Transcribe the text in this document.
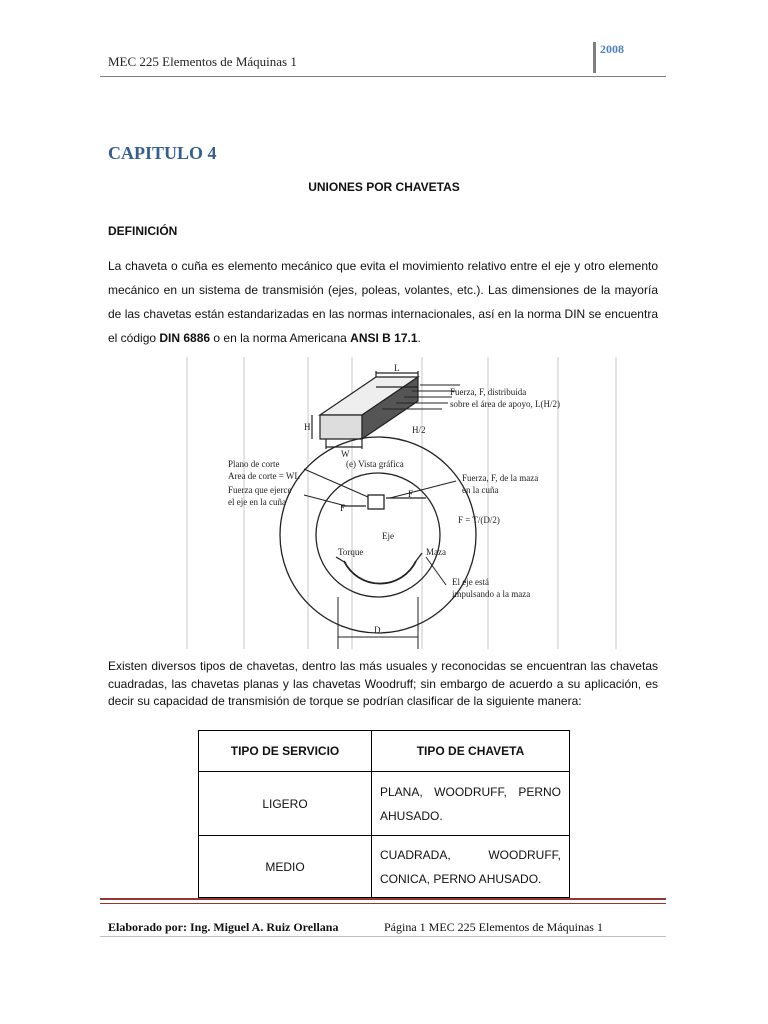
MEC 225 Elementos de Máquinas 1
2008
CAPITULO 4
UNIONES POR CHAVETAS
DEFINICIÓN
La chaveta o cuña es elemento mecánico que evita el movimiento relativo entre el eje y otro elemento mecánico en un sistema de transmisión (ejes, poleas, volantes, etc.). Las dimensiones de la mayoría de las chavetas están estandarizadas en las normas internacionales, así en la norma DIN se encuentra el código DIN 6886 o en la norma Americana ANSI B 17.1.
L
H
W
H/2
Fuerza, F, distribuida
sobre el área de apoyo, L(H/2)
(e) Vista gráfica
Plano de corte
Area de corte = WL
Fuerza que ejerce
el eje en la cuña
F
F
Fuerza, F, de la maza
en la cuña
F = T/(D/2)
Eje
Torque	Maza
El eje está
impulsando a la maza
D
Existen diversos tipos de chavetas, dentro las más usuales y reconocidas se encuentran las chavetas cuadradas, las chavetas planas y las chavetas Woodruff; sin embargo de acuerdo a su aplicación, es decir su capacidad de transmisión de torque se podrían clasificar de la siguiente manera:
TIPO DE SERVICIO	TIPO DE CHAVETA
LIGERO	PLANA, WOODRUFF, PERNO AHUSADO.
MEDIO	CUADRADA, WOODRUFF, CONICA, PERNO AHUSADO.
Elaborado por: Ing. Miguel A. Ruiz Orellana	Página 1 MEC 225 Elementos de Máquinas 1
